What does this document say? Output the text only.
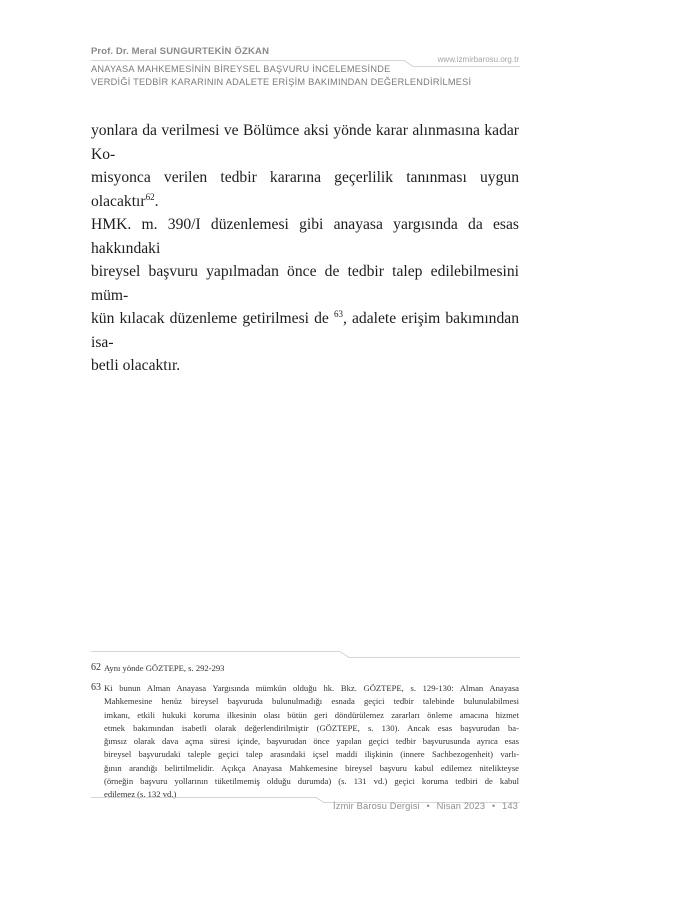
Prof. Dr. Meral SUNGURTEKİN ÖZKAN
www.izmirbarosu.org.tr
ANAYASA MAHKEMESİNİN BİREYSEL BAŞVURU İNCELEMESİNDE
VERDİĞİ TEDBİR KARARININ ADALETE ERİŞİM BAKIMINDAN DEĞERLENDİRİLMESİ
yonlara da verilmesi ve Bölümce aksi yönde karar alınmasına kadar Ko-
misyonca verilen tedbir kararına geçerlilik tanınması uygun olacaktır$^{62}$.
HMK. m. 390/I düzenlemesi gibi anayasa yargısında da esas hakkındaki
bireysel başvuru yapılmadan önce de tedbir talep edilebilmesini müm-
kün kılacak düzenleme getirilmesi de $^{63}$, adalete erişim bakımından isa-
betli olacaktır.
62 Aynı yönde GÖZTEPE, s. 292-293
63 Ki bunun Alman Anayasa Yargısında mümkün olduğu hk. Bkz. GÖZTEPE, s. 129-130: Alman Anayasa
Mahkemesine henüz bireysel başvuruda bulunulmadığı esnada geçici tedbir talebinde bulunulabilmesi
imkanı, etkili hukuki koruma ilkesinin olası bütün geri döndürülemez zararları önleme amacına hizmet
etmek bakımından isabetli olarak değerlendirilmiştir (GÖZTEPE, s. 130). Ancak esas başvurudan ba-
ğımsız olarak dava açma süresi içinde, başvurudan önce yapılan geçici tedbir başvurusunda ayrıca esas
bireysel başvurudaki taleple geçici talep arasındaki içsel maddi ilişkinin (innere Sachbezogenheit) varlı-
ğının arandığı belirtilmelidir. Açıkça Anayasa Mahkemesine bireysel başvuru kabul edilemez nitelikteyse
(örneğin başvuru yollarının tüketilmemiş olduğu durumda) (s. 131 vd.) geçici koruma tedbiri de kabul
edilemez (s. 132 vd.)
İzmir Barosu Dergisi • Nisan 2023 • 143
